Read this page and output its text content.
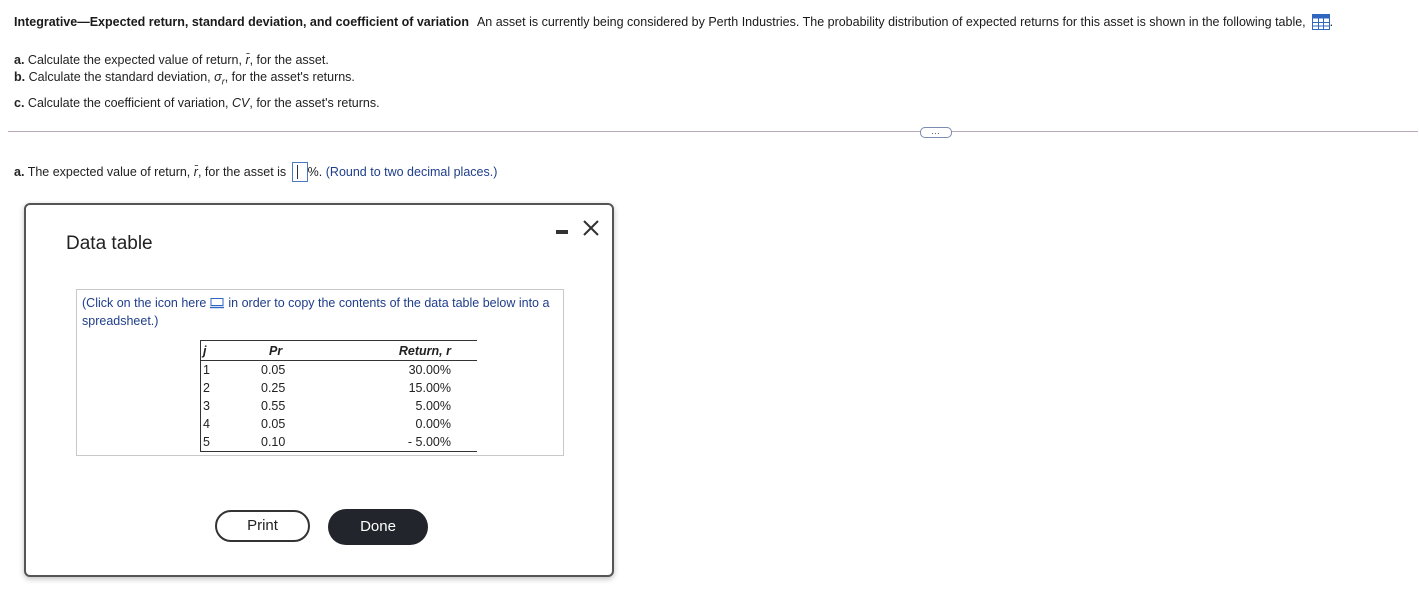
Integrative—Expected return, standard deviation, and coefficient of variation An asset is currently being considered by Perth Industries. The probability distribution of expected returns for this asset is shown in the following table, .
a. Calculate the expected value of return, r̄, for the asset.
b. Calculate the standard deviation, $\sigma_r$, for the asset's returns.
c. Calculate the coefficient of variation, CV, for the asset's returns.
…
a. The expected value of return, r̄, for the asset is %. (Round to two decimal places.)
Data table
(Click on the icon here in order to copy the contents of the data table below into a spreadsheet.)
j	Pr	Return, r
1	0.05	30.00%
2	0.25	15.00%
3	0.55	5.00%
4	0.05	0.00%
5	0.10	- 5.00%
Print	Done
